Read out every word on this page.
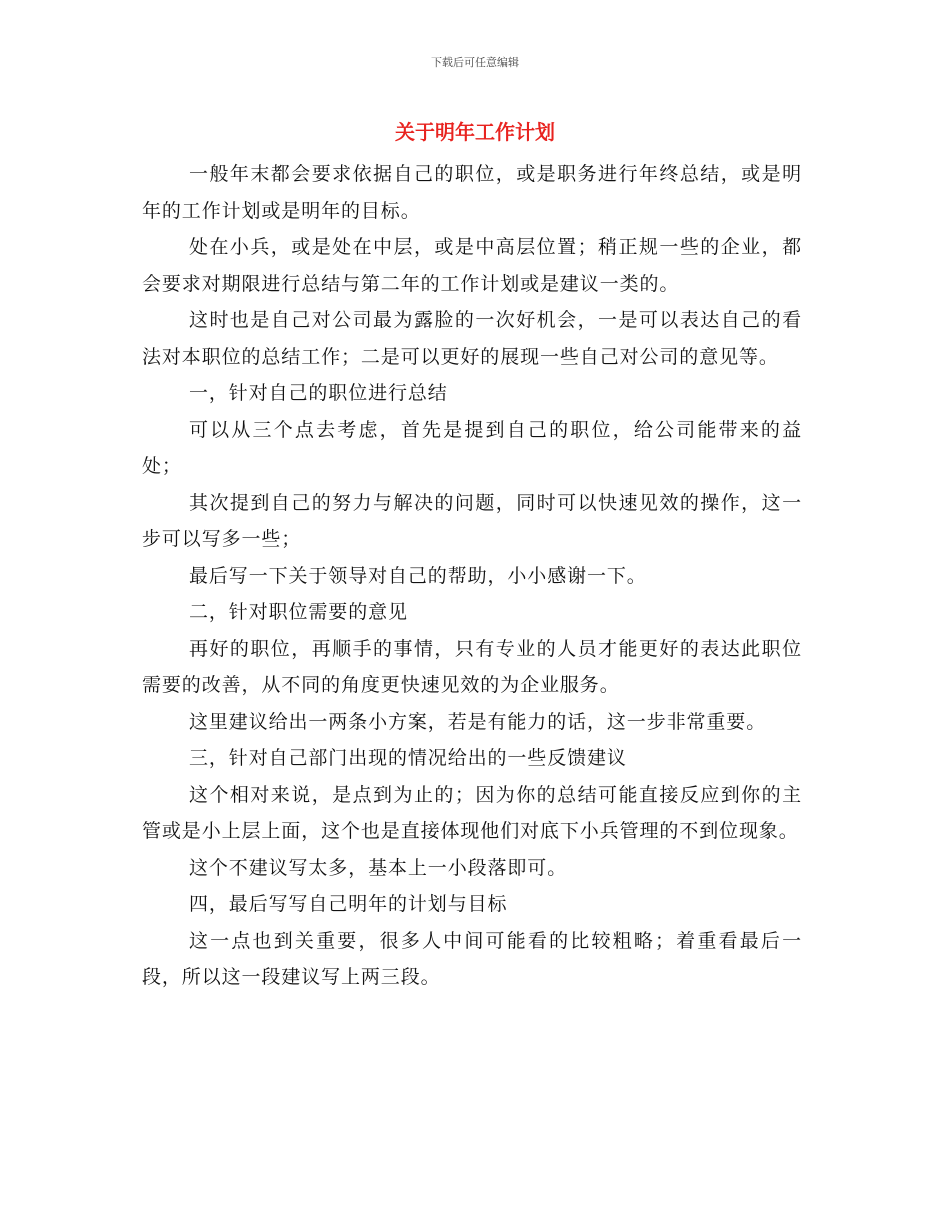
下载后可任意编辑
关于明年工作计划

一般年末都会要求依据自己的职位，或是职务进行年终总结，或是明年的工作计划或是明年的目标。

处在小兵，或是处在中层，或是中高层位置；稍正规一些的企业，都会要求对期限进行总结与第二年的工作计划或是建议一类的。

这时也是自己对公司最为露脸的一次好机会，一是可以表达自己的看法对本职位的总结工作；二是可以更好的展现一些自己对公司的意见等。

一，针对自己的职位进行总结

可以从三个点去考虑，首先是提到自己的职位，给公司能带来的益处；

其次提到自己的努力与解决的问题，同时可以快速见效的操作，这一步可以写多一些；

最后写一下关于领导对自己的帮助，小小感谢一下。

二，针对职位需要的意见

再好的职位，再顺手的事情，只有专业的人员才能更好的表达此职位需要的改善，从不同的角度更快速见效的为企业服务。

这里建议给出一两条小方案，若是有能力的话，这一步非常重要。

三，针对自己部门出现的情况给出的一些反馈建议

这个相对来说，是点到为止的；因为你的总结可能直接反应到你的主管或是小上层上面，这个也是直接体现他们对底下小兵管理的不到位现象。

这个不建议写太多，基本上一小段落即可。

四，最后写写自己明年的计划与目标

这一点也到关重要，很多人中间可能看的比较粗略；着重看最后一段，所以这一段建议写上两三段。
